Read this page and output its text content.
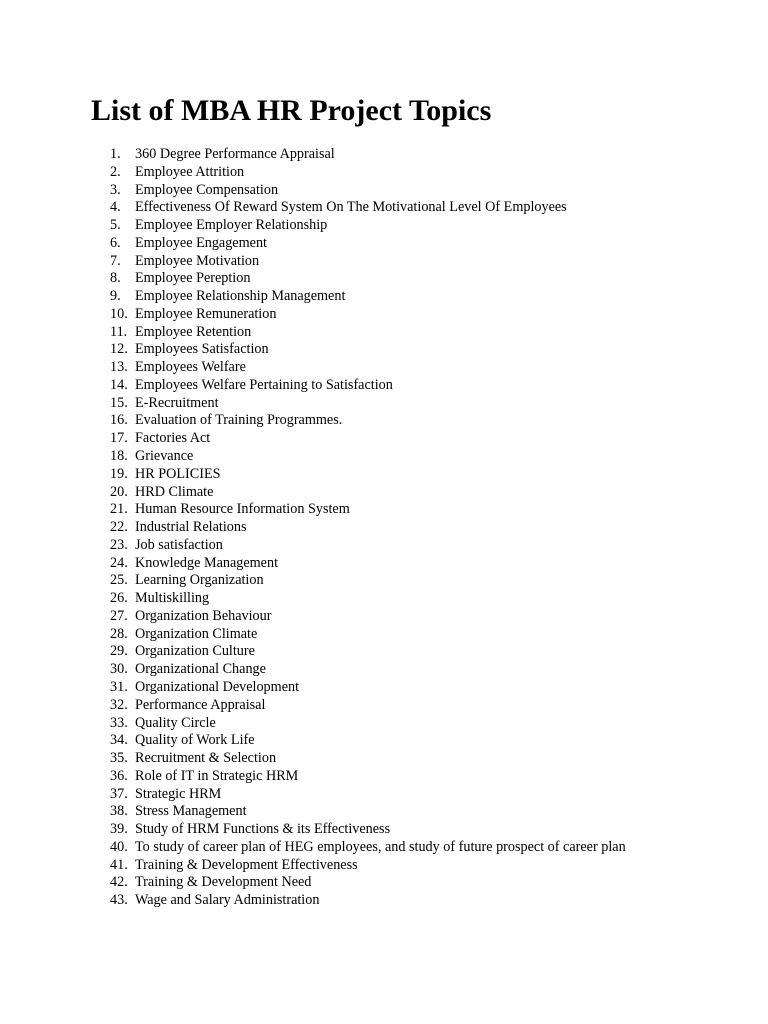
List of MBA HR Project Topics
1. 360 Degree Performance Appraisal
2. Employee Attrition
3. Employee Compensation
4. Effectiveness Of Reward System On The Motivational Level Of Employees
5. Employee Employer Relationship
6. Employee Engagement
7. Employee Motivation
8. Employee Pereption
9. Employee Relationship Management
10. Employee Remuneration
11. Employee Retention
12. Employees Satisfaction
13. Employees Welfare
14. Employees Welfare Pertaining to Satisfaction
15. E-Recruitment
16. Evaluation of Training Programmes.
17. Factories Act
18. Grievance
19. HR POLICIES
20. HRD Climate
21. Human Resource Information System
22. Industrial Relations
23. Job satisfaction
24. Knowledge Management
25. Learning Organization
26. Multiskilling
27. Organization Behaviour
28. Organization Climate
29. Organization Culture
30. Organizational Change
31. Organizational Development
32. Performance Appraisal
33. Quality Circle
34. Quality of Work Life
35. Recruitment & Selection
36. Role of IT in Strategic HRM
37. Strategic HRM
38. Stress Management
39. Study of HRM Functions & its Effectiveness
40. To study of career plan of HEG employees, and study of future prospect of career plan
41. Training & Development Effectiveness
42. Training & Development Need
43. Wage and Salary Administration
